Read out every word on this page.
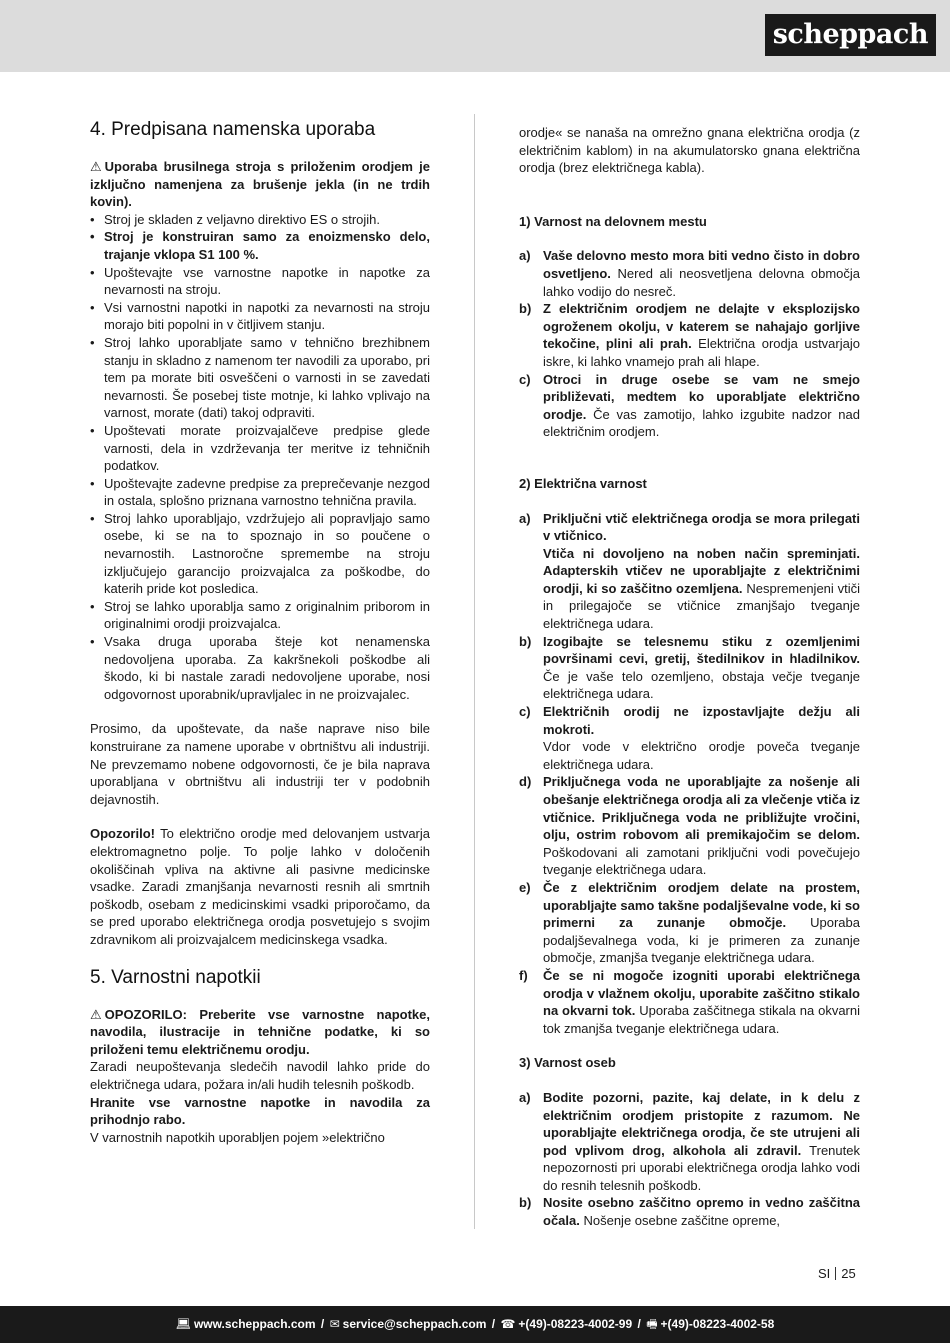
scheppach
4. Predpisana namenska uporaba

⚠ Uporaba brusilnega stroja s priloženim orodjem je izključno namenjena za brušenje jekla (in ne trdih kovin).

• Stroj je skladen z veljavno direktivo ES o strojih.
• Stroj je konstruiran samo za enoizmensko delo, trajanje vklopa S1 100 %.
• Upoštevajte vse varnostne napotke in napotke za nevarnosti na stroju.
• Vsi varnostni napotki in napotki za nevarnosti na stroju morajo biti popolni in v čitljivem stanju.
• Stroj lahko uporabljate samo v tehnično brezhibnem stanju in skladno z namenom ter navodili za uporabo, pri tem pa morate biti osveščeni o varnosti in se zavedati nevarnosti. Še posebej tiste motnje, ki lahko vplivajo na varnost, morate (dati) takoj odpraviti.
• Upoštevati morate proizvajalčeve predpise glede varnosti, dela in vzdrževanja ter meritve iz tehničnih podatkov.
• Upoštevajte zadevne predpise za preprečevanje nezgod in ostala, splošno priznana varnostno tehnična pravila.
• Stroj lahko uporabljajo, vzdržujejo ali popravljajo samo osebe, ki se na to spoznajo in so poučene o nevarnostih. Lastnoročne spremembe na stroju izključujejo garancijo proizvajalca za poškodbe, do katerih pride kot posledica.
• Stroj se lahko uporablja samo z originalnim priborom in originalnimi orodji proizvajalca.
• Vsaka druga uporaba šteje kot nenamenska nedovoljena uporaba. Za kakršnekoli poškodbe ali škodo, ki bi nastale zaradi nedovoljene uporabe, nosi odgovornost uporabnik/upravljalec in ne proizvajalec.

Prosimo, da upoštevate, da naše naprave niso bile konstruirane za namene uporabe v obrtništvu ali industriji. Ne prevzemamo nobene odgovornosti, če je bila naprava uporabljana v obrtništvu ali industriji ter v podobnih dejavnostih.

Opozorilo! To električno orodje med delovanjem ustvarja elektromagnetno polje. To polje lahko v določenih okoliščinah vpliva na aktivne ali pasivne medicinske vsadke. Zaradi zmanjšanja nevarnosti resnih ali smrtnih poškodb, osebam z medicinskimi vsadki priporočamo, da se pred uporabo električnega orodja posvetujejo s svojim zdravnikom ali proizvajalcem medicinskega vsadka.

5. Varnostni napotkii

⚠ OPOZORILO: Preberite vse varnostne napotke, navodila, ilustracije in tehnične podatke, ki so priloženi temu električnemu orodju.

Zaradi neupoštevanja sledečih navodil lahko pride do električnega udara, požara in/ali hudih telesnih poškodb.

Hranite vse varnostne napotke in navodila za prihodnjo rabo.

V varnostnih napotkih uporabljen pojem »električno

orodje« se nanaša na omrežno gnana električna orodja (z električnim kablom) in na akumulatorsko gnana električna orodja (brez električnega kabla).

1) Varnost na delovnem mestu

a) Vaše delovno mesto mora biti vedno čisto in dobro osvetljeno. Nered ali neosvetljena delovna območja lahko vodijo do nesreč.
b) Z električnim orodjem ne delajte v eksplozijsko ogroženem okolju, v katerem se nahajajo gorljive tekočine, plini ali prah. Električna orodja ustvarjajo iskre, ki lahko vnamejo prah ali hlape.
c) Otroci in druge osebe se vam ne smejo približevati, medtem ko uporabljate električno orodje. Če vas zamotijo, lahko izgubite nadzor nad električnim orodjem.

2) Električna varnost

a) Priključni vtič električnega orodja se mora prilegati v vtičnico.
Vtiča ni dovoljeno na noben način spreminjati. Adapterskih vtičev ne uporabljajte z električnimi orodji, ki so zaščitno ozemljena. Nespremenjeni vtiči in prilegajoče se vtičnice zmanjšajo tveganje električnega udara.
b) Izogibajte se telesnemu stiku z ozemljenimi površinami cevi, gretij, štedilnikov in hladilnikov. Če je vaše telo ozemljeno, obstaja večje tveganje električnega udara.
c) Električnih orodij ne izpostavljajte dežju ali mokroti.
Vdor vode v električno orodje poveča tveganje električnega udara.
d) Priključnega voda ne uporabljajte za nošenje ali obešanje električnega orodja ali za vlečenje vtiča iz vtičnice. Priključnega voda ne približujte vročini, olju, ostrim robovom ali premikajočim se delom. Poškodovani ali zamotani priključni vodi povečujejo tveganje električnega udara.
e) Če z električnim orodjem delate na prostem, uporabljajte samo takšne podaljševalne vode, ki so primerni za zunanje območje. Uporaba podaljševalnega voda, ki je primeren za zunanje območje, zmanjša tveganje električnega udara.
f) Če se ni mogoče izogniti uporabi električnega orodja v vlažnem okolju, uporabite zaščitno stikalo na okvarni tok. Uporaba zaščitnega stikala na okvarni tok zmanjša tveganje električnega udara.

3) Varnost oseb

a) Bodite pozorni, pazite, kaj delate, in k delu z električnim orodjem pristopite z razumom. Ne uporabljajte električnega orodja, če ste utrujeni ali pod vplivom drog, alkohola ali zdravil. Trenutek nepozornosti pri uporabi električnega orodja lahko vodi do resnih telesnih poškodb.
b) Nosite osebno zaščitno opremo in vedno zaščitna očala. Nošenje osebne zaščitne opreme,
SI 25
💻︎ www.scheppach.com / ✉ service@scheppach.com / ☎ +(49)-08223-4002-99 / 🖷︎ +(49)-08223-4002-58
